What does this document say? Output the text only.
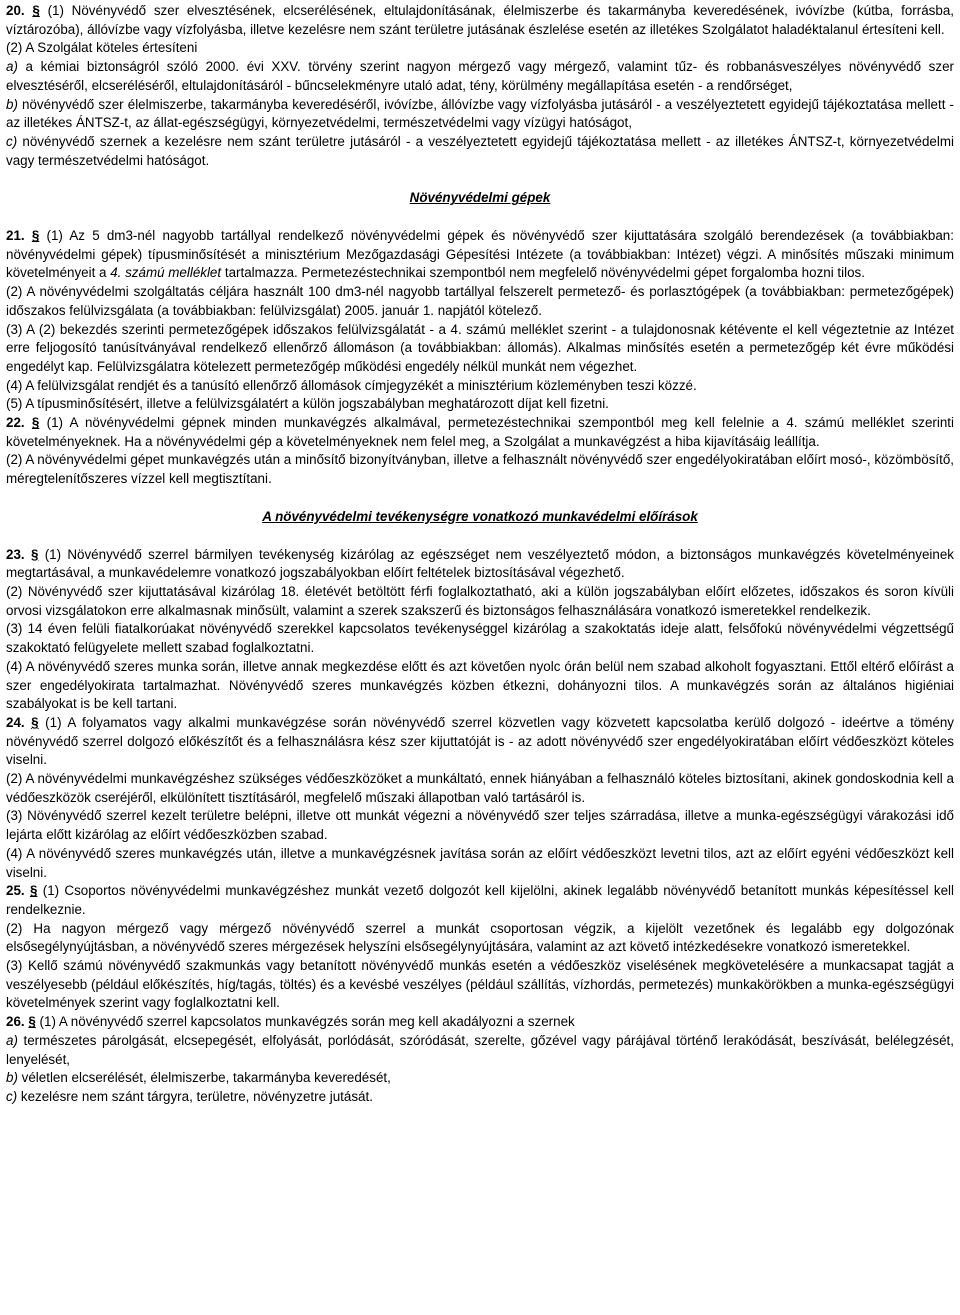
20. § (1) Növényvédő szer elvesztésének, elcserélésének, eltulajdonításának, élelmiszerbe és takarmányba keveredésének, ivóvízbe (kútba, forrásba, víztározóba), állóvízbe vagy vízfolyásba, illetve kezelésre nem szánt területre jutásának észlelése esetén az illetékes Szolgálatot haladéktalanul értesíteni kell.

(2) A Szolgálat köteles értesíteni

a) a kémiai biztonságról szóló 2000. évi XXV. törvény szerint nagyon mérgező vagy mérgező, valamint tűz- és robbanásveszélyes növényvédő szer elvesztéséről, elcseréléséről, eltulajdonításáról - bűncselekményre utaló adat, tény, körülmény megállapítása esetén - a rendőrséget,

b) növényvédő szer élelmiszerbe, takarmányba keveredéséről, ivóvízbe, állóvízbe vagy vízfolyásba jutásáról - a veszélyeztetett egyidejű tájékoztatása mellett - az illetékes ÁNTSZ-t, az állat-egészségügyi, környezetvédelmi, természetvédelmi vagy vízügyi hatóságot,

c) növényvédő szernek a kezelésre nem szánt területre jutásáról - a veszélyeztetett egyidejű tájékoztatása mellett - az illetékes ÁNTSZ-t, környezetvédelmi vagy természetvédelmi hatóságot.

Növényvédelmi gépek

21. § (1) Az 5 dm3-nél nagyobb tartállyal rendelkező növényvédelmi gépek és növényvédő szer kijuttatására szolgáló berendezések (a továbbiakban: növényvédelmi gépek) típusminősítését a minisztérium Mezőgazdasági Gépesítési Intézete (a továbbiakban: Intézet) végzi. A minősítés műszaki minimum követelményeit a 4. számú melléklet tartalmazza. Permetezéstechnikai szempontból nem megfelelő növényvédelmi gépet forgalomba hozni tilos.

(2) A növényvédelmi szolgáltatás céljára használt 100 dm3-nél nagyobb tartállyal felszerelt permetező- és porlasztógépek (a továbbiakban: permetezőgépek) időszakos felülvizsgálata (a továbbiakban: felülvizsgálat) 2005. január 1. napjától kötelező.

(3) A (2) bekezdés szerinti permetezőgépek időszakos felülvizsgálatát - a 4. számú melléklet szerint - a tulajdonosnak kétévente el kell végeztetnie az Intézet erre feljogosító tanúsítványával rendelkező ellenőrző állomáson (a továbbiakban: állomás). Alkalmas minősítés esetén a permetezőgép két évre működési engedélyt kap. Felülvizsgálatra kötelezett permetezőgép működési engedély nélkül munkát nem végezhet.

(4) A felülvizsgálat rendjét és a tanúsító ellenőrző állomások címjegyzékét a minisztérium közleményben teszi közzé.

(5) A típusminősítésért, illetve a felülvizsgálatért a külön jogszabályban meghatározott díjat kell fizetni.

22. § (1) A növényvédelmi gépnek minden munkavégzés alkalmával, permetezéstechnikai szempontból meg kell felelnie a 4. számú melléklet szerinti követelményeknek. Ha a növényvédelmi gép a követelményeknek nem felel meg, a Szolgálat a munkavégzést a hiba kijavításáig leállítja.

(2) A növényvédelmi gépet munkavégzés után a minősítő bizonyítványban, illetve a felhasznált növényvédő szer engedélyokiratában előírt mosó-, közömbösítő, méregtelenítőszeres vízzel kell megtisztítani.

A növényvédelmi tevékenységre vonatkozó munkavédelmi előírások

23. § (1) Növényvédő szerrel bármilyen tevékenység kizárólag az egészséget nem veszélyeztető módon, a biztonságos munkavégzés követelményeinek megtartásával, a munkavédelemre vonatkozó jogszabályokban előírt feltételek biztosításával végezhető.

(2) Növényvédő szer kijuttatásával kizárólag 18. életévét betöltött férfi foglalkoztatható, aki a külön jogszabályban előírt előzetes, időszakos és soron kívüli orvosi vizsgálatokon erre alkalmasnak minősült, valamint a szerek szakszerű és biztonságos felhasználására vonatkozó ismeretekkel rendelkezik.

(3) 14 éven felüli fiatalkorúakat növényvédő szerekkel kapcsolatos tevékenységgel kizárólag a szakoktatás ideje alatt, felsőfokú növényvédelmi végzettségű szakoktató felügyelete mellett szabad foglalkoztatni.

(4) A növényvédő szeres munka során, illetve annak megkezdése előtt és azt követően nyolc órán belül nem szabad alkoholt fogyasztani. Ettől eltérő előírást a szer engedélyokirata tartalmazhat. Növényvédő szeres munkavégzés közben étkezni, dohányozni tilos. A munkavégzés során az általános higiéniai szabályokat is be kell tartani.

24. § (1) A folyamatos vagy alkalmi munkavégzése során növényvédő szerrel közvetlen vagy közvetett kapcsolatba kerülő dolgozó - ideértve a tömény növényvédő szerrel dolgozó előkészítőt és a felhasználásra kész szer kijuttatóját is - az adott növényvédő szer engedélyokiratában előírt védőeszközt köteles viselni.

(2) A növényvédelmi munkavégzéshez szükséges védőeszközöket a munkáltató, ennek hiányában a felhasználó köteles biztosítani, akinek gondoskodnia kell a védőeszközök cseréjéről, elkülönített tisztításáról, megfelelő műszaki állapotban való tartásáról is.

(3) Növényvédő szerrel kezelt területre belépni, illetve ott munkát végezni a növényvédő szer teljes szárradása, illetve a munka-egészségügyi várakozási idő lejárta előtt kizárólag az előírt védőeszközben szabad.

(4) A növényvédő szeres munkavégzés után, illetve a munkavégzésnek javítása során az előírt védőeszközt levetni tilos, azt az előírt egyéni védőeszközt kell viselni.

25. § (1) Csoportos növényvédelmi munkavégzéshez munkát vezető dolgozót kell kijelölni, akinek legalább növényvédő betanított munkás képesítéssel kell rendelkeznie.

(2) Ha nagyon mérgező vagy mérgező növényvédő szerrel a munkát csoportosan végzik, a kijelölt vezetőnek és legalább egy dolgozónak elsősegélynyújtásban, a növényvédő szeres mérgezések helyszíni elsősegélynyújtására, valamint az azt követő intézkedésekre vonatkozó ismeretekkel.

(3) Kellő számú növényvédő szakmunkás vagy betanított növényvédő munkás esetén a védőeszköz viselésének megkövetelésére a munkacsapat tagját a veszélyesebb (például előkészítés, híg/tagás, töltés) és a kevésbé veszélyes (például szállítás, vízhordás, permetezés) munkakörökben a munka-egészségügyi követelmények szerint vagy foglalkoztatni kell.

26. § (1) A növényvédő szerrel kapcsolatos munkavégzés során meg kell akadályozni a szernek

a) természetes párolgását, elcsepegését, elfolyását, porlódását, szóródását, szerelte, gőzével vagy párájával történő lerakódását, beszívását, belélegzését, lenyelését,

b) véletlen elcserélését, élelmiszerbe, takarmányba keveredését,

c) kezelésre nem szánt tárgyra, területre, növényzetre jutását.
